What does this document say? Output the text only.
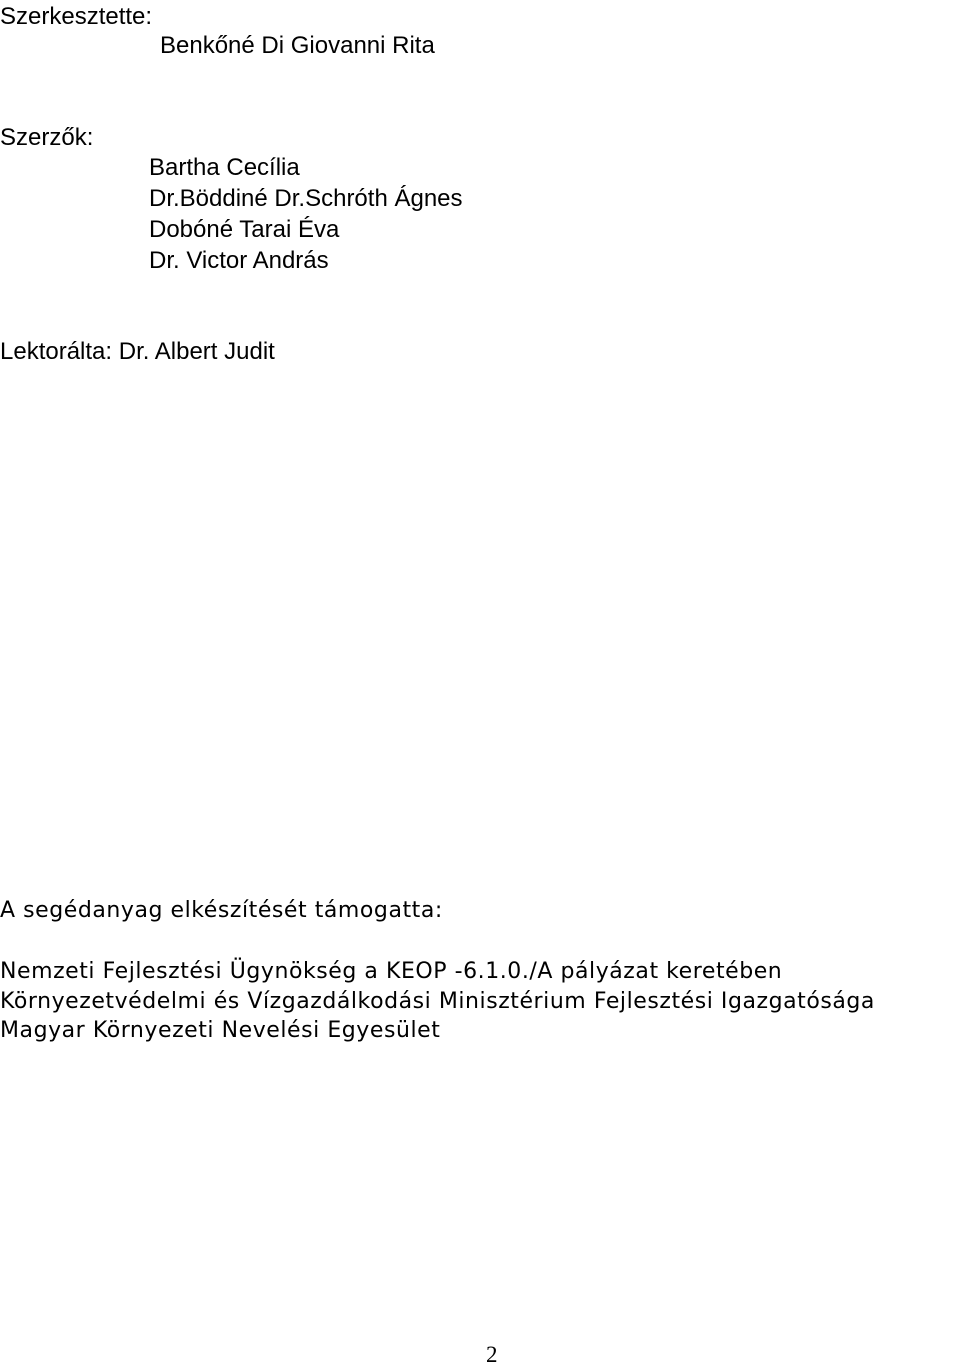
Szerkesztette:

Benkőné Di Giovanni Rita

Szerzők:

Bartha Cecília

Dr.Böddiné Dr.Schróth Ágnes

Dobóné Tarai Éva

Dr. Victor András

Lektorálta: Dr. Albert Judit

A segédanyag elkészítését támogatta:

Nemzeti Fejlesztési Ügynökség a KEOP -6.1.0./A pályázat keretében

Környezetvédelmi és Vízgazdálkodási Minisztérium Fejlesztési Igazgatósága

Magyar Környezeti Nevelési Egyesület

2
